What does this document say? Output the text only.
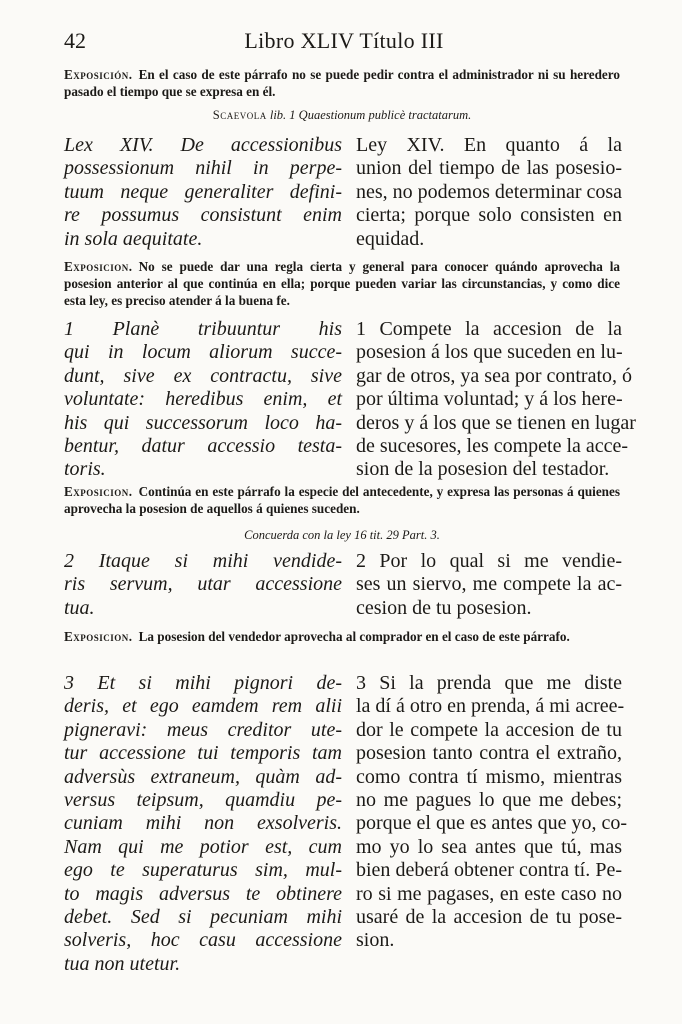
42	Libro XLIV Título III
Exposición. En el caso de este párrafo no se puede pedir contra el administrador ni su heredero pasado el tiempo que se expresa en él.
Scaevola lib. 1 Quaestionum publicè tractatarum.
Lex XIV. De accessionibus
possessionum nihil in perpe-
tuum neque generaliter defini-
re possumus consistunt enim
in sola aequitate.
Ley XIV. En quanto á la
union del tiempo de las posesio-
nes, no podemos determinar cosa
cierta; porque solo consisten en
equidad.
Exposicion. No se puede dar una regla cierta y general para conocer quándo aprovecha la posesion anterior al que continúa en ella; porque pueden variar las circunstancias, y como dice esta ley, es preciso atender á la buena fe.
1 Planè tribuuntur his
qui in locum aliorum succe-
dunt, sive ex contractu, sive
voluntate: heredibus enim, et
his qui successorum loco ha-
bentur, datur accessio testa-
toris.
1 Compete la accesion de la
posesion á los que suceden en lu-
gar de otros, ya sea por contrato, ó
por última voluntad; y á los here-
deros y á los que se tienen en lugar
de sucesores, les compete la acce-
sion de la posesion del testador.
Exposicion. Continúa en este párrafo la especie del antecedente, y expresa las personas á quienes aprovecha la posesion de aquellos á quienes suceden.
Concuerda con la ley 16 tit. 29 Part. 3.
2 Itaque si mihi vendide-
ris servum, utar accessione
tua.
2 Por lo qual si me vendie-
ses un siervo, me compete la ac-
cesion de tu posesion.
Exposicion. La posesion del vendedor aprovecha al comprador en el caso de este párrafo.
3 Et si mihi pignori de-
deris, et ego eamdem rem alii
pigneravi: meus creditor ute-
tur accessione tui temporis tam
adversùs extraneum, quàm ad-
versus teipsum, quamdiu pe-
cuniam mihi non exsolveris.
Nam qui me potior est, cum
ego te superaturus sim, mul-
to magis adversus te obtinere
debet. Sed si pecuniam mihi
solveris, hoc casu accessione
tua non utetur.
3 Si la prenda que me diste
la dí á otro en prenda, á mi acree-
dor le compete la accesion de tu
posesion tanto contra el extraño,
como contra tí mismo, mientras
no me pagues lo que me debes;
porque el que es antes que yo, co-
mo yo lo sea antes que tú, mas
bien deberá obtener contra tí. Pe-
ro si me pagases, en este caso no
usaré de la accesion de tu pose-
sion.
